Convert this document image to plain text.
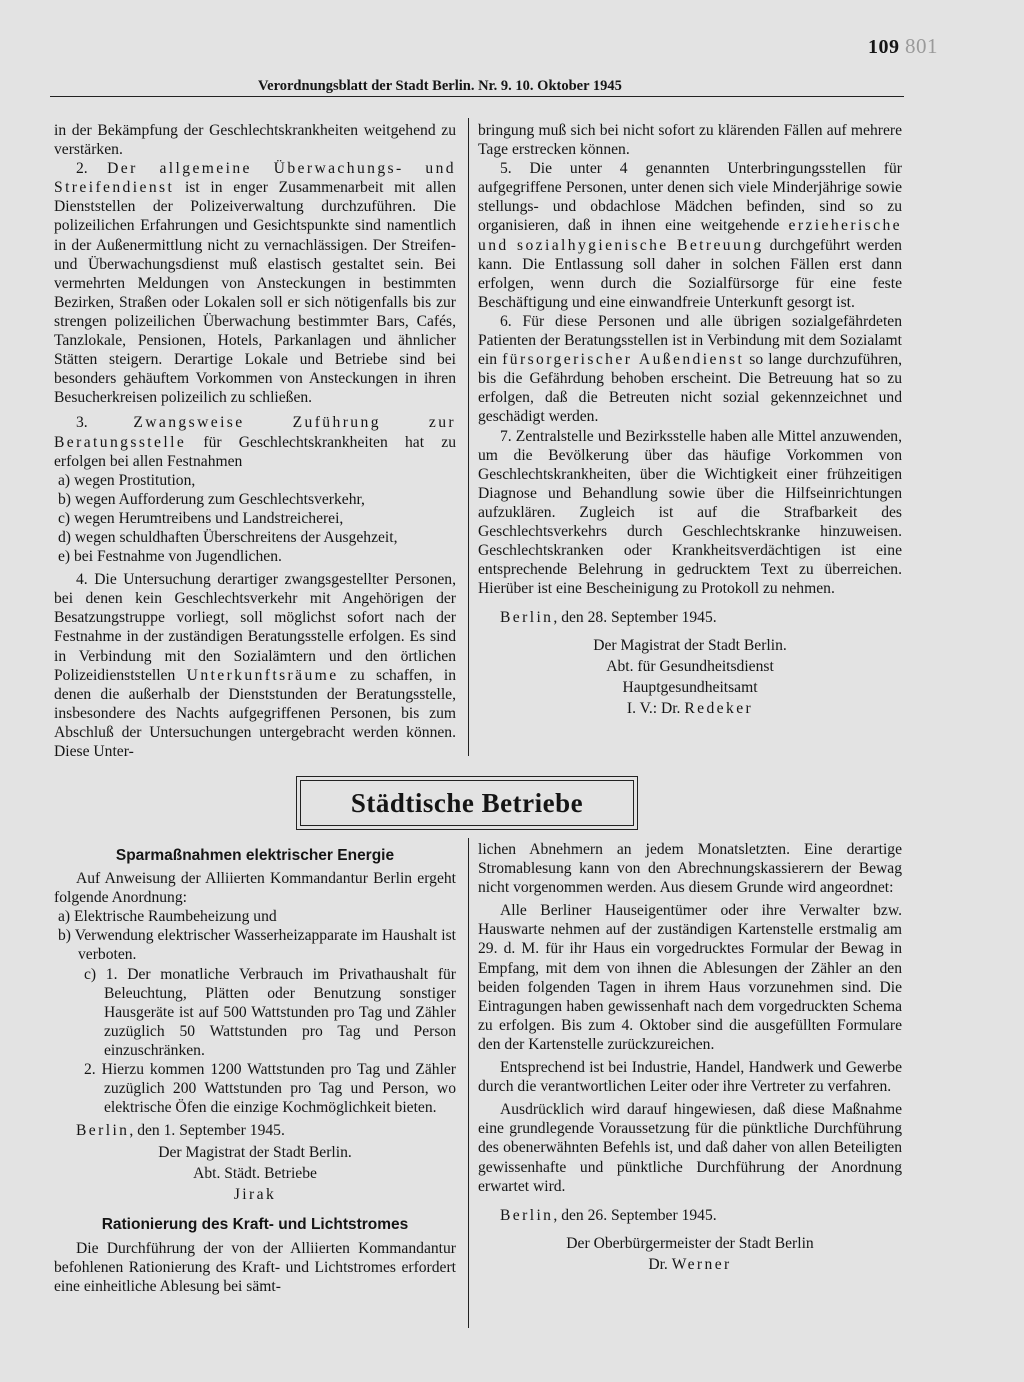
109 801
Verordnungsblatt der Stadt Berlin. Nr. 9. 10. Oktober 1945

in der Bekämpfung der Geschlechtskrankheiten weitgehend zu verstärken.

2. Der allgemeine Überwachungs- und Streifendienst ist in enger Zusammenarbeit mit allen Dienststellen der Polizeiverwaltung durchzuführen. Die polizeilichen Erfahrungen und Gesichtspunkte sind namentlich in der Außenermittlung nicht zu vernachlässigen. Der Streifen- und Überwachungsdienst muß elastisch gestaltet sein. Bei vermehrten Meldungen von Ansteckungen in bestimmten Bezirken, Straßen oder Lokalen soll er sich nötigenfalls bis zur strengen polizeilichen Überwachung bestimmter Bars, Cafés, Tanzlokale, Pensionen, Hotels, Parkanlagen und ähnlicher Stätten steigern. Derartige Lokale und Betriebe sind bei besonders gehäuftem Vorkommen von Ansteckungen in ihren Besucherkreisen polizeilich zu schließen.

3. Zwangsweise Zuführung zur Beratungsstelle für Geschlechtskrankheiten hat zu erfolgen bei allen Festnahmen

a) wegen Prostitution,

b) wegen Aufforderung zum Geschlechtsverkehr,

c) wegen Herumtreibens und Landstreicherei,

d) wegen schuldhaften Überschreitens der Ausgehzeit,

e) bei Festnahme von Jugendlichen.

4. Die Untersuchung derartiger zwangsgestellter Personen, bei denen kein Geschlechtsverkehr mit Angehörigen der Besatzungstruppe vorliegt, soll möglichst sofort nach der Festnahme in der zuständigen Beratungsstelle erfolgen. Es sind in Verbindung mit den Sozialämtern und den örtlichen Polizeidienststellen Unterkunftsräume zu schaffen, in denen die außerhalb der Dienststunden der Beratungsstelle, insbesondere des Nachts aufgegriffenen Personen, bis zum Abschluß der Untersuchungen untergebracht werden können. Diese Unter-

bringung muß sich bei nicht sofort zu klärenden Fällen auf mehrere Tage erstrecken können.

5. Die unter 4 genannten Unterbringungsstellen für aufgegriffene Personen, unter denen sich viele Minderjährige sowie stellungs- und obdachlose Mädchen befinden, sind so zu organisieren, daß in ihnen eine weitgehende erzieherische und sozialhygienische Betreuung durchgeführt werden kann. Die Entlassung soll daher in solchen Fällen erst dann erfolgen, wenn durch die Sozialfürsorge für eine feste Beschäftigung und eine einwandfreie Unterkunft gesorgt ist.

6. Für diese Personen und alle übrigen sozialgefährdeten Patienten der Beratungsstellen ist in Verbindung mit dem Sozialamt ein fürsorgerischer Außendienst so lange durchzuführen, bis die Gefährdung behoben erscheint. Die Betreuung hat so zu erfolgen, daß die Betreuten nicht sozial gekennzeichnet und geschädigt werden.

7. Zentralstelle und Bezirksstelle haben alle Mittel anzuwenden, um die Bevölkerung über das häufige Vorkommen von Geschlechtskrankheiten, über die Wichtigkeit einer frühzeitigen Diagnose und Behandlung sowie über die Hilfseinrichtungen aufzuklären. Zugleich ist auf die Strafbarkeit des Geschlechtsverkehrs durch Geschlechtskranke hinzuweisen. Geschlechtskranken oder Krankheitsverdächtigen ist eine entsprechende Belehrung in gedrucktem Text zu überreichen. Hierüber ist eine Bescheinigung zu Protokoll zu nehmen.

Berlin, den 28. September 1945.

Der Magistrat der Stadt Berlin.
Abt. für Gesundheitsdienst
Hauptgesundheitsamt
I. V.: Dr. Redeker
Städtische Betriebe
Sparmaßnahmen elektrischer Energie

Auf Anweisung der Alliierten Kommandantur Berlin ergeht folgende Anordnung:

a) Elektrische Raumbeheizung und

b) Verwendung elektrischer Wasserheizapparate im Haushalt ist verboten.

c) 1. Der monatliche Verbrauch im Privathaushalt für Beleuchtung, Plätten oder Benutzung sonstiger Hausgeräte ist auf 500 Wattstunden pro Tag und Zähler zuzüglich 50 Wattstunden pro Tag und Person einzuschränken.

2. Hierzu kommen 1200 Wattstunden pro Tag und Zähler zuzüglich 200 Wattstunden pro Tag und Person, wo elektrische Öfen die einzige Kochmöglichkeit bieten.

Berlin, den 1. September 1945.

Der Magistrat der Stadt Berlin.
Abt. Städt. Betriebe
Jirak
Rationierung des Kraft- und Lichtstromes

Die Durchführung der von der Alliierten Kommandantur befohlenen Rationierung des Kraft- und Lichtstromes erfordert eine einheitliche Ablesung bei sämt-

lichen Abnehmern an jedem Monatsletzten. Eine derartige Stromablesung kann von den Abrechnungskassierern der Bewag nicht vorgenommen werden. Aus diesem Grunde wird angeordnet:

Alle Berliner Hauseigentümer oder ihre Verwalter bzw. Hauswarte nehmen auf der zuständigen Kartenstelle erstmalig am 29. d. M. für ihr Haus ein vorgedrucktes Formular der Bewag in Empfang, mit dem von ihnen die Ablesungen der Zähler an den beiden folgenden Tagen in ihrem Haus vorzunehmen sind. Die Eintragungen haben gewissenhaft nach dem vorgedruckten Schema zu erfolgen. Bis zum 4. Oktober sind die ausgefüllten Formulare den der Kartenstelle zurückzureichen.

Entsprechend ist bei Industrie, Handel, Handwerk und Gewerbe durch die verantwortlichen Leiter oder ihre Vertreter zu verfahren.

Ausdrücklich wird darauf hingewiesen, daß diese Maßnahme eine grundlegende Voraussetzung für die pünktliche Durchführung des obenerwähnten Befehls ist, und daß daher von allen Beteiligten gewissenhafte und pünktliche Durchführung der Anordnung erwartet wird.

Berlin, den 26. September 1945.

Der Oberbürgermeister der Stadt Berlin
Dr. Werner
